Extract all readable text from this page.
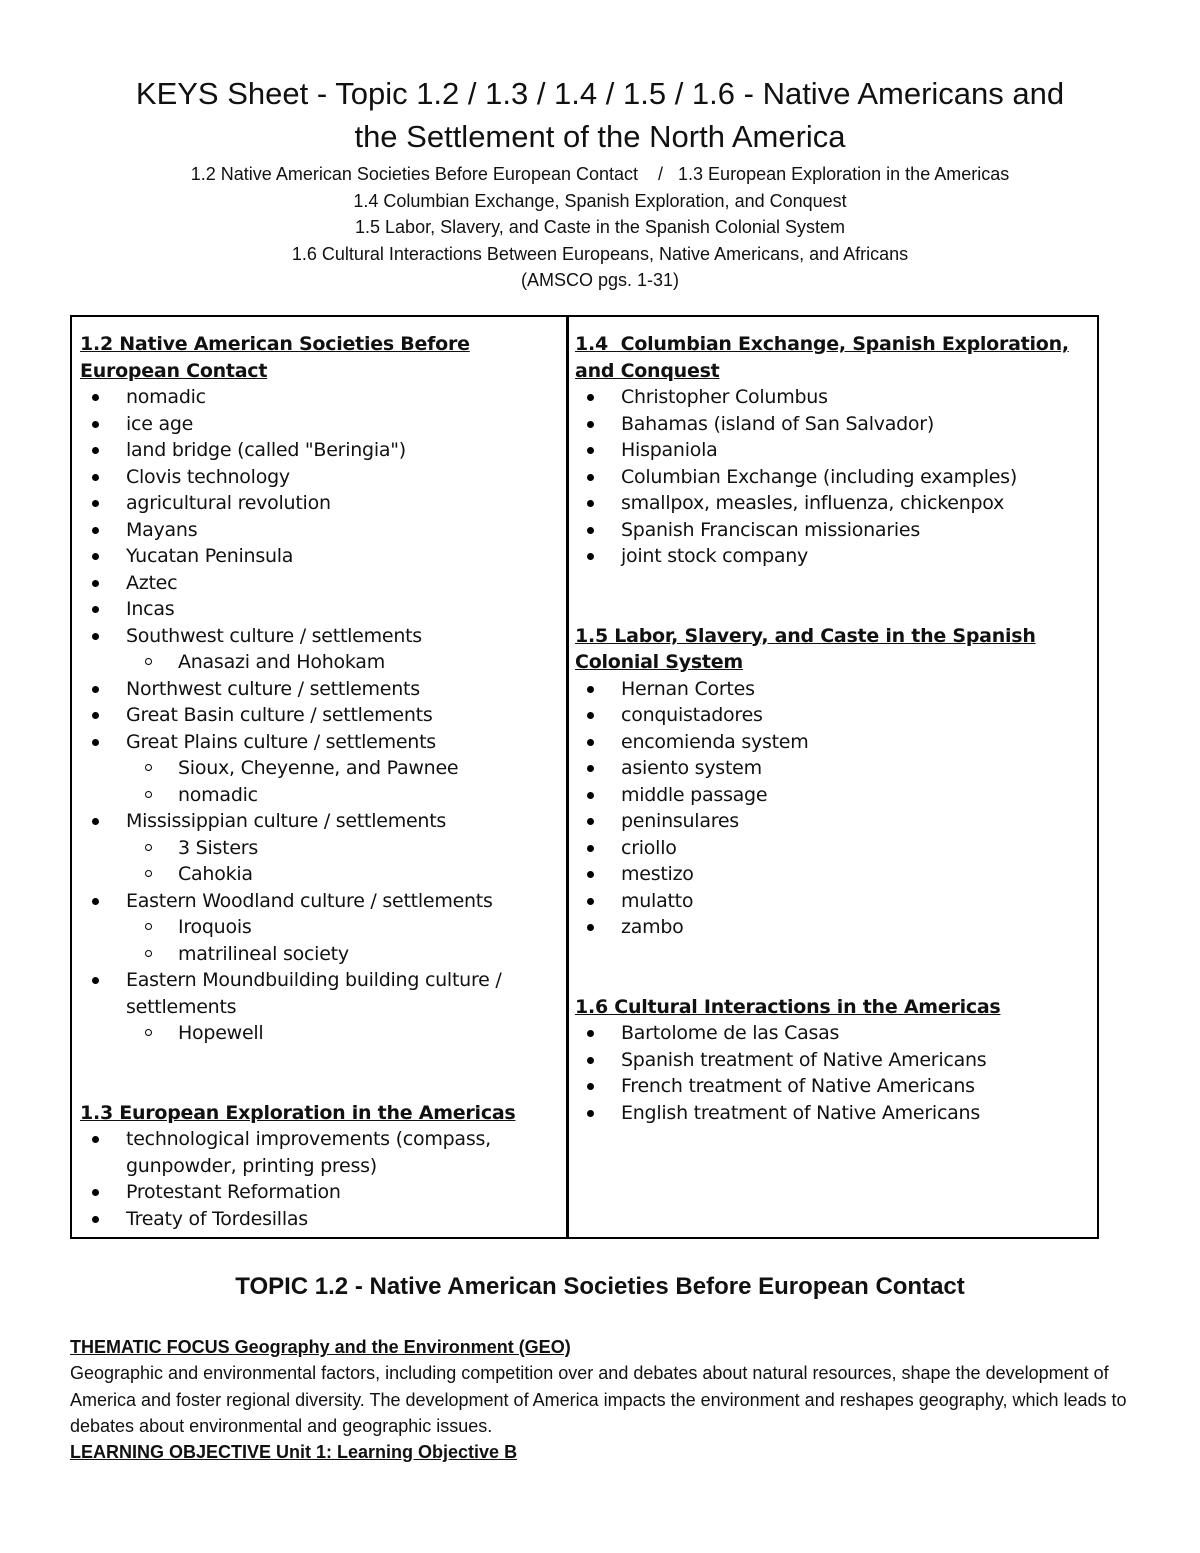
KEYS Sheet - Topic 1.2 / 1.3 / 1.4 / 1.5 / 1.6 - Native Americans and
the Settlement of the North America
1.2 Native American Societies Before European Contact    /   1.3 European Exploration in the Americas
1.4 Columbian Exchange, Spanish Exploration, and Conquest
1.5 Labor, Slavery, and Caste in the Spanish Colonial System
1.6 Cultural Interactions Between Europeans, Native Americans, and Africans
(AMSCO pgs. 1-31)

1.2 Native American Societies Before
European Contact

nomadic
ice age
land bridge (called "Beringia")
Clovis technology
agricultural revolution
Mayans
Yucatan Peninsula
Aztec
Incas
Southwest culture / settlements
Anasazi and Hohokam
Northwest culture / settlements
Great Basin culture / settlements
Great Plains culture / settlements
Sioux, Cheyenne, and Pawnee
nomadic
Mississippian culture / settlements
3 Sisters
Cahokia
Eastern Woodland culture / settlements
Iroquois
matrilineal society
Eastern Moundbuilding building culture / settlements
Hopewell

1.3 European Exploration in the Americas

technological improvements (compass, gunpowder, printing press)
Protestant Reformation
Treaty of Tordesillas

1.4  Columbian Exchange, Spanish Exploration,
and Conquest

Christopher Columbus
Bahamas (island of San Salvador)
Hispaniola
Columbian Exchange (including examples)
smallpox, measles, influenza, chickenpox
Spanish Franciscan missionaries
joint stock company

1.5 Labor, Slavery, and Caste in the Spanish
Colonial System

Hernan Cortes
conquistadores
encomienda system
asiento system
middle passage
peninsulares
criollo
mestizo
mulatto
zambo

1.6 Cultural Interactions in the Americas

Bartolome de las Casas
Spanish treatment of Native Americans
French treatment of Native Americans
English treatment of Native Americans
TOPIC 1.2 - Native American Societies Before European Contact

THEMATIC FOCUS Geography and the Environment (GEO)

Geographic and environmental factors, including competition over and debates about natural resources, shape the development of America and foster regional diversity. The development of America impacts the environment and reshapes geography, which leads to debates about environmental and geographic issues.

LEARNING OBJECTIVE Unit 1: Learning Objective B
